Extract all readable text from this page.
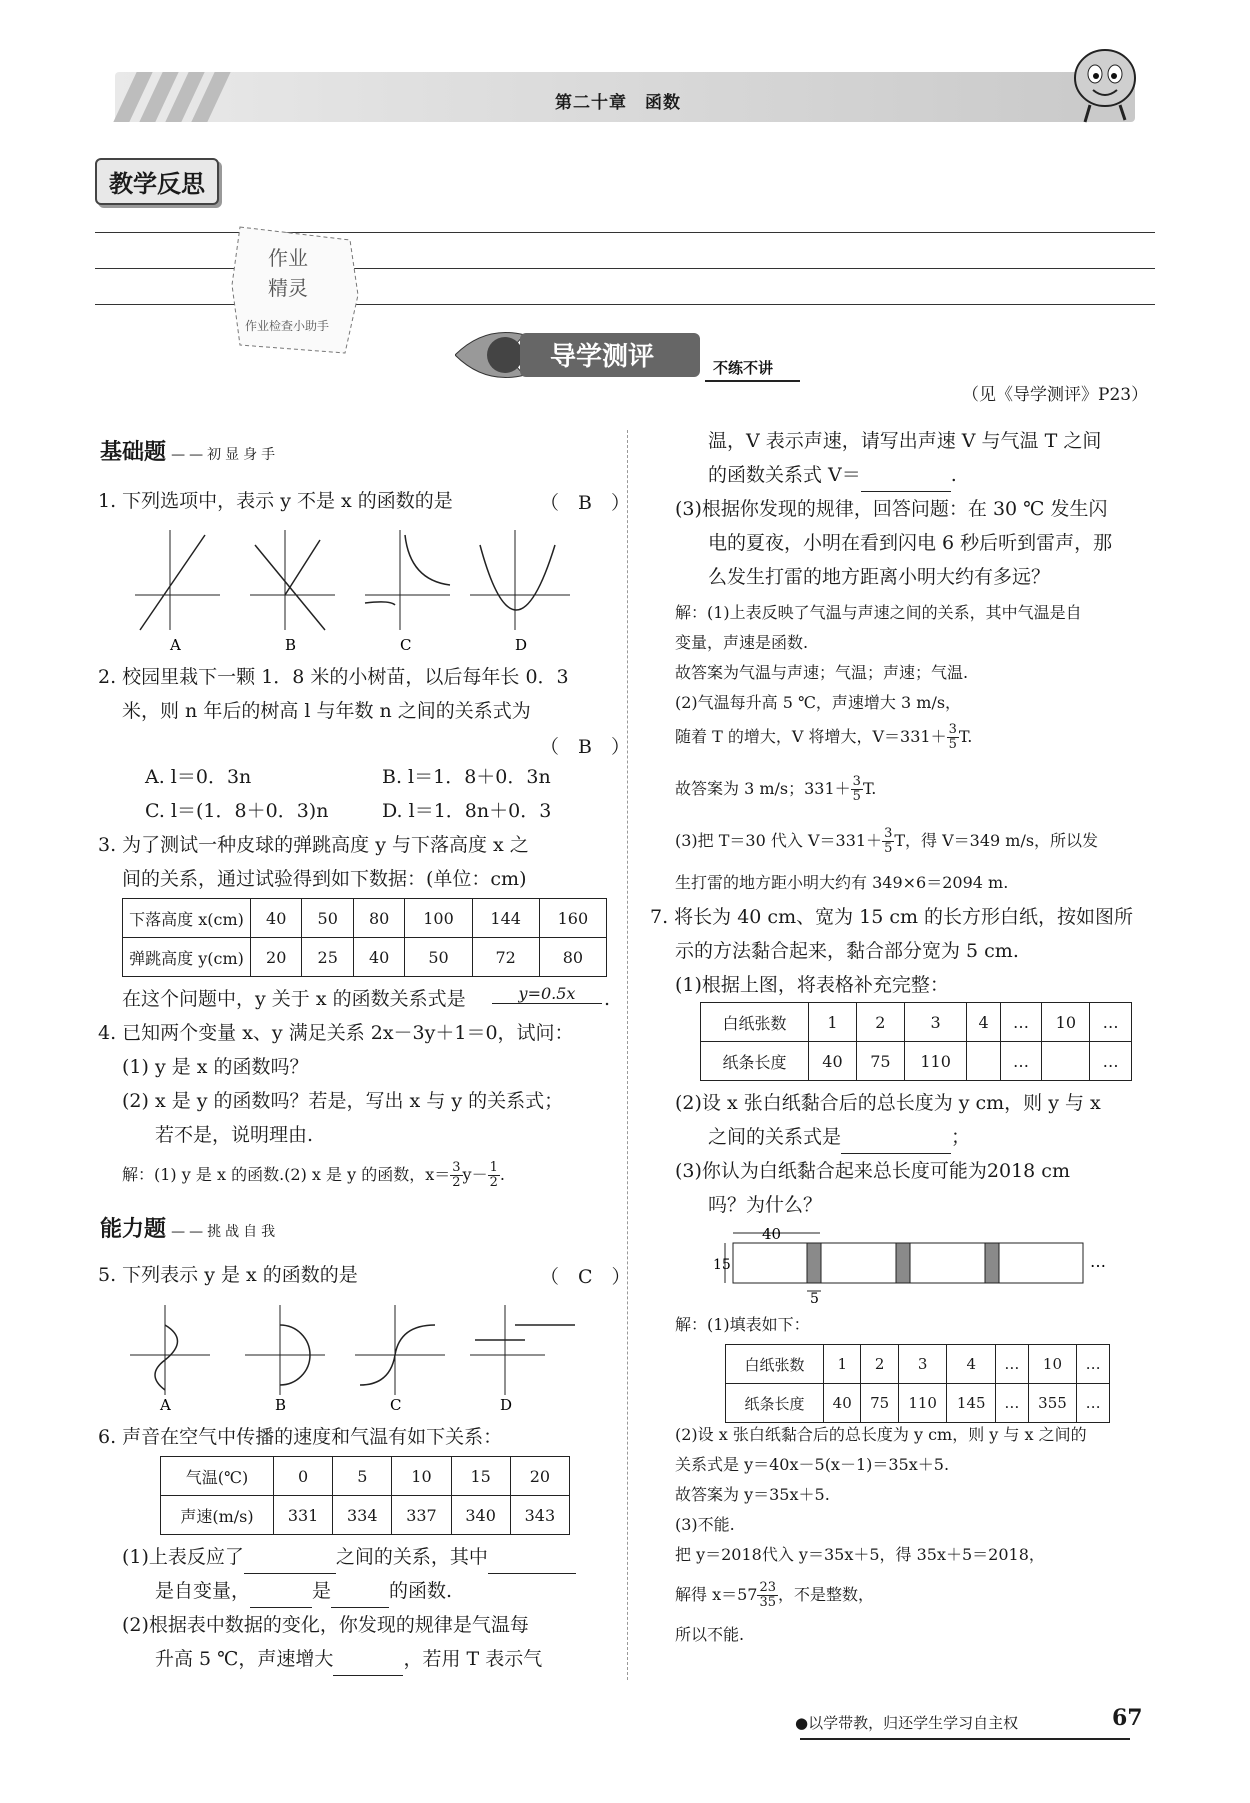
第二十章　函数
教学反思
作业
精灵
作业检查小助手
导学测评	不练不讲
（见《导学测评》P23）
基础题 ——初显身手
1. 下列选项中，表示 y 不是 x 的函数的是	（　B　）
A	B	C	D
2. 校园里栽下一颗 1．8 米的小树苗，以后每年长 0．3
米，则 n 年后的树高 l 与年数 n 之间的关系式为
（　B　）
A. l＝0．3n	B. l＝1．8＋0．3n
C. l＝(1．8＋0．3)n	D. l＝1．8n＋0．3
3. 为了测试一种皮球的弹跳高度 y 与下落高度 x 之
间的关系，通过试验得到如下数据：(单位：cm)
下落高度 x(cm)	40	50	80	100	144	160
弹跳高度 y(cm)	20	25	40	50	72	80
在这个问题中，y 关于 x 的函数关系式是	y=0.5x	.
4. 已知两个变量 x、y 满足关系 2x－3y＋1＝0，试问：
(1) y 是 x 的函数吗？
(2) x 是 y 的函数吗？若是，写出 x 与 y 的关系式；
若不是，说明理由.
解：(1) y 是 x 的函数.(2) x 是 y 的函数，$x= \frac{3}{2} y- \frac{1}{2}$ .
能力题 ——挑战自我
5. 下列表示 y 是 x 的函数的是	（　C　）
A	B	C	D
6. 声音在空气中传播的速度和气温有如下关系：
气温(℃)	0	5	10	15	20
声速(m/s)	331	334	337	340	343
(1)上表反应了	之间的关系，其中
是自变量，	是	的函数.
(2)根据表中数据的变化，你发现的规律是气温每
升高 5 ℃，声速增大	，若用 T 表示气
温，V 表示声速，请写出声速 V 与气温 T 之间
的函数关系式 V＝	.
(3)根据你发现的规律，回答问题：在 30 ℃ 发生闪
电的夏夜，小明在看到闪电 6 秒后听到雷声，那
么发生打雷的地方距离小明大约有多远？
解：(1)上表反映了气温与声速之间的关系，其中气温是自
变量，声速是函数.
故答案为气温与声速；气温；声速；气温.
(2)气温每升高 5 ℃，声速增大 3 m/s，
随着 T 的增大，V 将增大，$V=331+ \frac{3}{5} T$.
故答案为 3 m/s；$331+ \frac{3}{5} T$.
(3)把 T＝30 代入 $V=331+ \frac{3}{5}$ T，得 V＝349 m/s，所以发
生打雷的地方距小明大约有 349×6＝2094 m.
7. 将长为 40 cm、宽为 15 cm 的长方形白纸，按如图所
示的方法黏合起来，黏合部分宽为 5 cm.
(1)根据上图，将表格补充完整：
白纸张数	1	2	3	4	…	10	…
纸条长度	40	75	110		…		…
(2)设 x 张白纸黏合后的总长度为 y cm，则 y 与 x
之间的关系式是	；
(3)你认为白纸黏合起来总长度可能为2018 cm
吗？为什么？
40
15
5
…
解：(1)填表如下：
白纸张数	1	2	3	4	…	10	…
纸条长度	40	75	110	145	…	355	…
(2)设 x 张白纸黏合后的总长度为 y cm，则 y 与 x 之间的
关系式是 y＝40x－5(x－1)＝35x＋5.
故答案为 y＝35x＋5.
(3)不能.
把 y＝2018代入 y＝35x＋5，得 35x＋5＝2018，
解得 $x=57 \frac{23}{35}$ ，不是整数，
所以不能.
●以学带教，归还学生学习自主权	67
